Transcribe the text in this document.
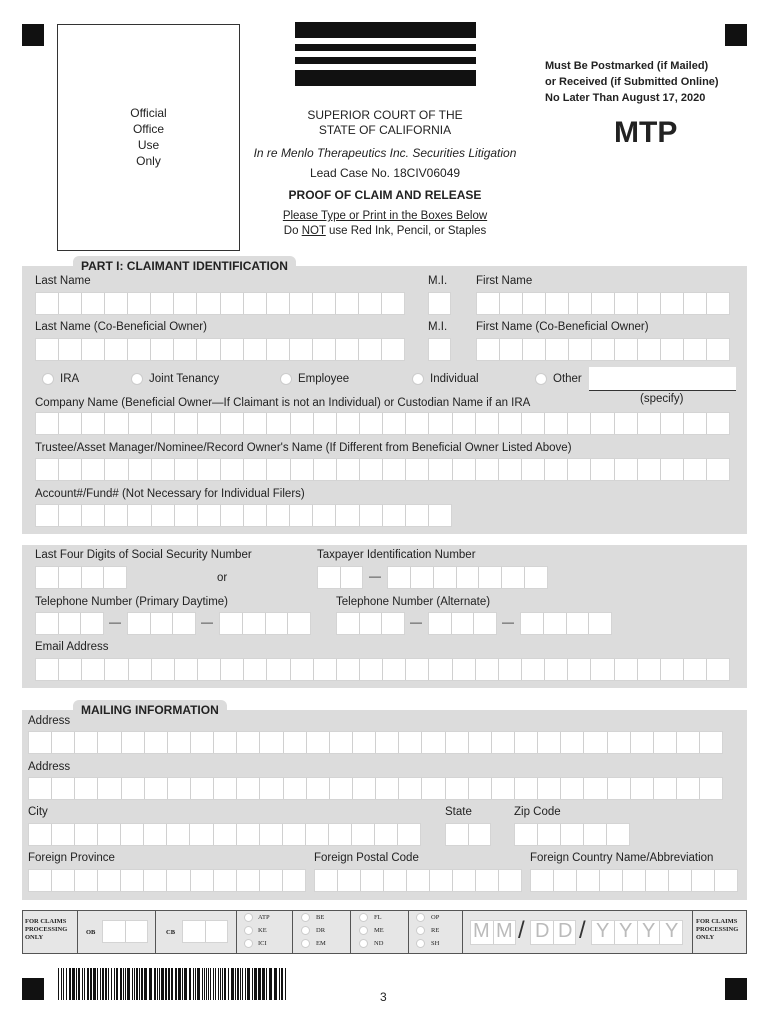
Official
Office
Use
Only
SUPERIOR COURT OF THE
STATE OF CALIFORNIA
In re Menlo Therapeutics Inc. Securities Litigation
Lead Case No. 18CIV06049
PROOF OF CLAIM AND RELEASE
Please Type or Print in the Boxes Below
Do NOT use Red Ink, Pencil, or Staples
Must Be Postmarked (if Mailed)
or Received (if Submitted Online)
No Later Than August 17, 2020
MTP
PART I: CLAIMANT IDENTIFICATION
Last Name	M.I.	First Name
Last Name (Co-Beneficial Owner)	M.I.	First Name (Co-Beneficial Owner)
IRA	Joint Tenancy	Employee	Individual	Other
(specify)
Company Name (Beneficial Owner—If Claimant is not an Individual) or Custodian Name if an IRA
Trustee/Asset Manager/Nominee/Record Owner's Name (If Different from Beneficial Owner Listed Above)
Account#/Fund# (Not Necessary for Individual Filers)
Last Four Digits of Social Security Number	Taxpayer Identification Number
—
or
Telephone Number (Primary Daytime)	Telephone Number (Alternate)
—	—	—	—
Email Address
MAILING INFORMATION
Address
Address
City	State	Zip Code
Foreign Province	Foreign Postal Code	Foreign Country Name/Abbreviation
FOR CLAIMS
PROCESSING
ONLY
OB	CB
ATP
KE
ICI
BE
DR
EM
FL
ME
ND
OP
RE
SH
M M / D D / Y Y Y Y	FOR CLAIMS
PROCESSING
ONLY
3
